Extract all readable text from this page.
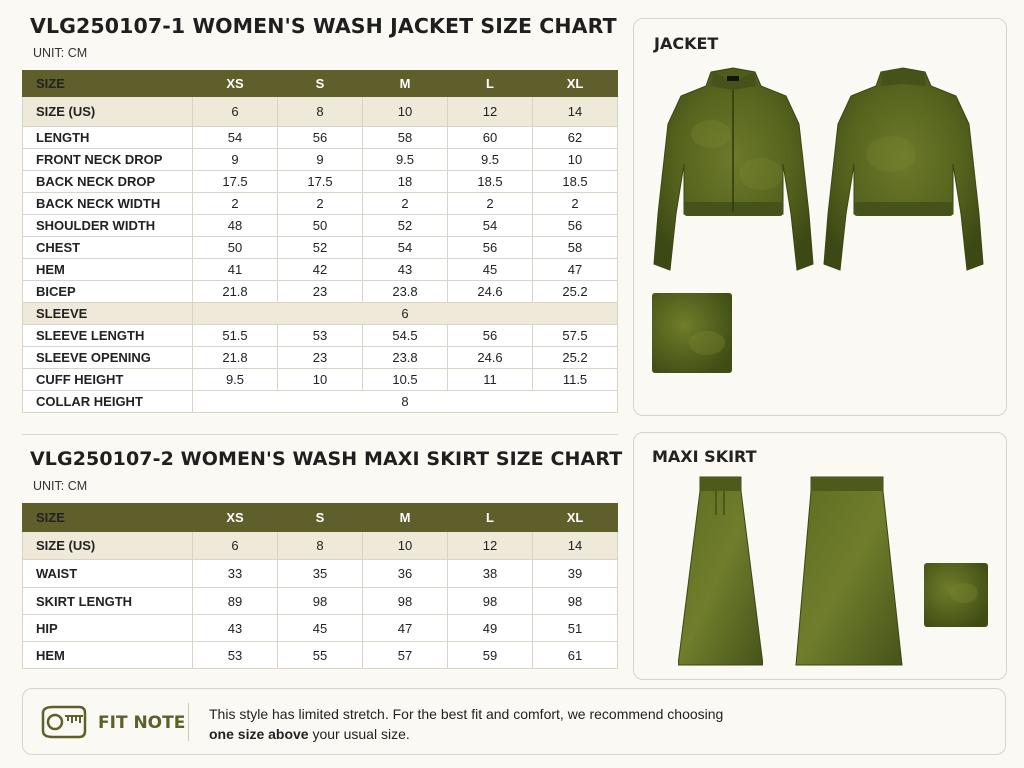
VLG250107-1 WOMEN'S WASH JACKET SIZE CHART
UNIT: CM
SIZE	XS	S	M	L	XL
SIZE (US)	6	8	10	12	14
LENGTH	54	56	58	60	62
FRONT NECK DROP	9	9	9.5	9.5	10
BACK NECK DROP	17.5	17.5	18	18.5	18.5
BACK NECK WIDTH	2	2	2	2	2
SHOULDER WIDTH	48	50	52	54	56
CHEST	50	52	54	56	58
HEM	41	42	43	45	47
BICEP	21.8	23	23.8	24.6	25.2
SLEEVE	6				
SLEEVE LENGTH	51.5	53	54.5	56	57.5
SLEEVE OPENING	21.8	23	23.8	24.6	25.2
CUFF HEIGHT	9.5	10	10.5	11	11.5
COLLAR HEIGHT	8				
VLG250107-2 WOMEN'S WASH MAXI SKIRT SIZE CHART
UNIT: CM
SIZE	XS	S	M	L	XL
SIZE (US)	6	8	10	12	14
WAIST	33	35	36	38	39
SKIRT LENGTH	89	98	98	98	98
HIP	43	45	47	49	51
HEM	53	55	57	59	61
JACKET
MAXI SKIRT
FIT NOTE This style has limited stretch. For the best fit and comfort, we recommend choosing one size above your usual size.
